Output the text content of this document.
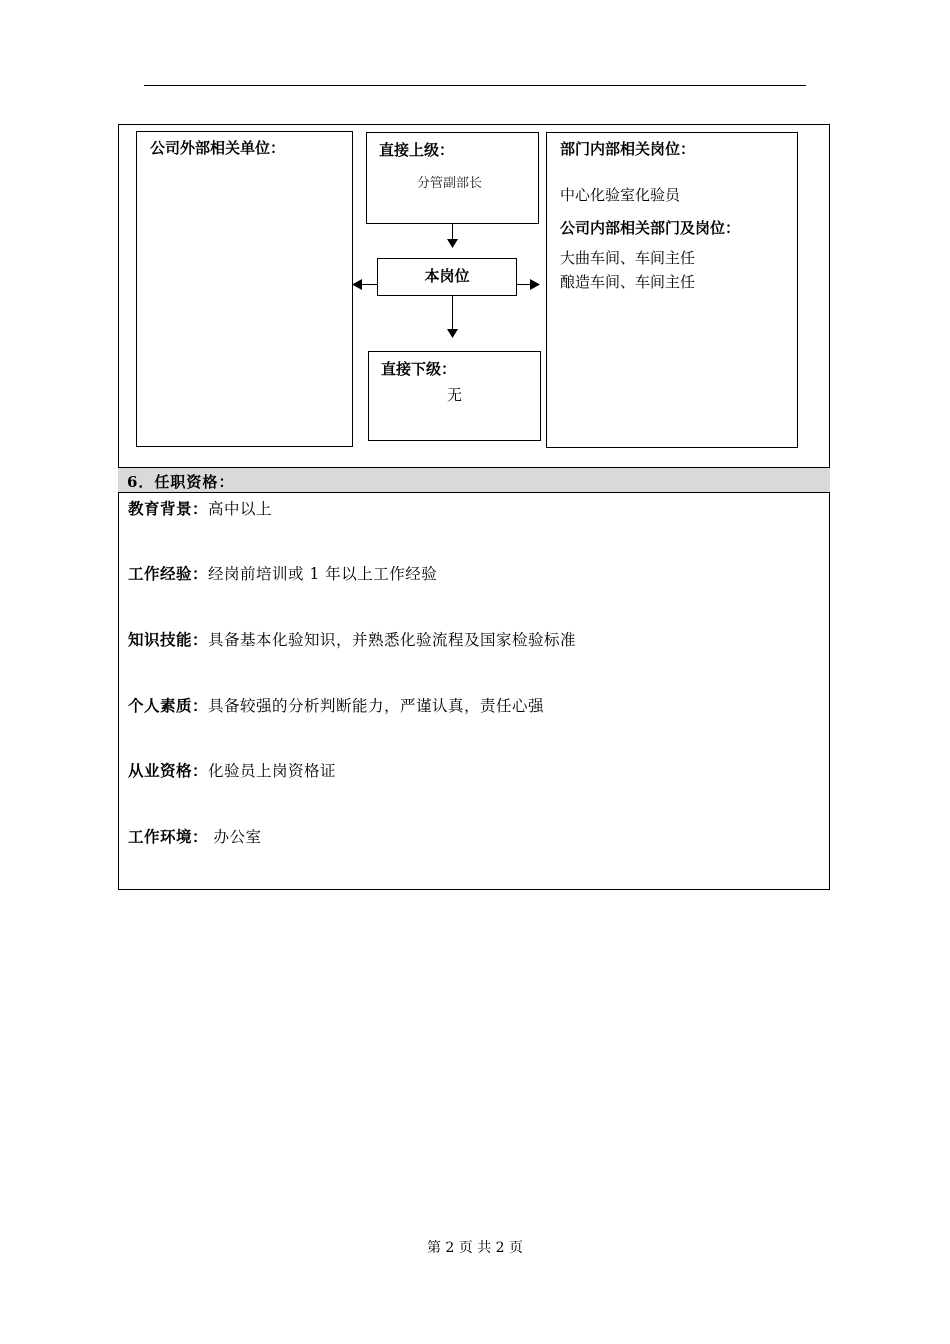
公司外部相关单位：	直接上级：
分管副部长
本岗位
直接下级：
无
部门内部相关岗位：
中心化验室化验员
公司内部相关部门及岗位：
大曲车间、车间主任
酿造车间、车间主任
6．任职资格：
教育背景：高中以上
工作经验：经岗前培训或 1 年以上工作经验
知识技能：具备基本化验知识，并熟悉化验流程及国家检验标准
个人素质：具备较强的分析判断能力，严谨认真，责任心强
从业资格：化验员上岗资格证
工作环境： 办公室
第 2 页 共 2 页
